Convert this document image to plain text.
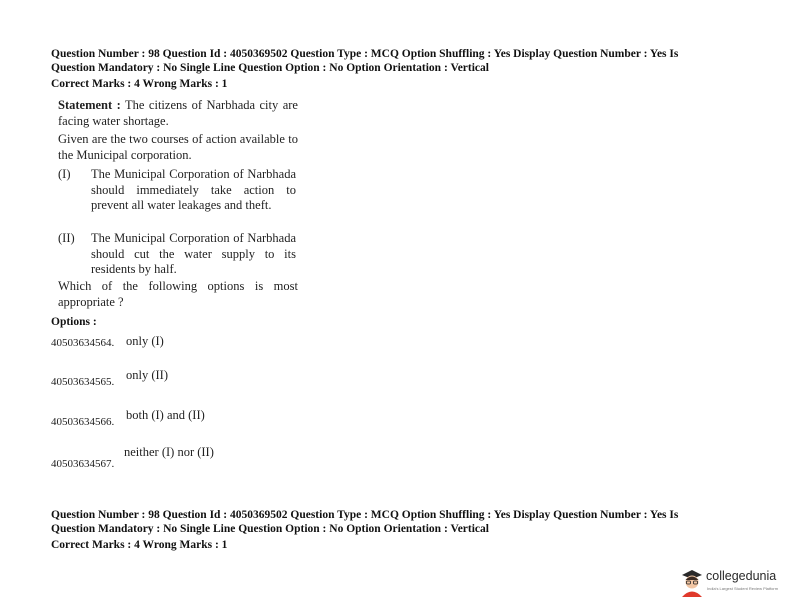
Question Number : 98 Question Id : 4050369502 Question Type : MCQ Option Shuffling : Yes Display Question Number : Yes Is
Question Mandatory : No Single Line Question Option : No Option Orientation : Vertical
Correct Marks : 4 Wrong Marks : 1
Statement : The citizens of Narbhada city are facing water shortage.
Given are the two courses of action available to the Municipal corporation.
(I) The Municipal Corporation of Narbhada should immediately take action to prevent all water leakages and theft.
(II) The Municipal Corporation of Narbhada should cut the water supply to its residents by half.
Which of the following options is most appropriate ?
Options :
40503634564. only (I)
40503634565. only (II)
40503634566. both (I) and (II)
neither (I) nor (II)
40503634567.
Question Number : 98 Question Id : 4050369502 Question Type : MCQ Option Shuffling : Yes Display Question Number : Yes Is
Question Mandatory : No Single Line Question Option : No Option Orientation : Vertical
Correct Marks : 4 Wrong Marks : 1
collegedunia
India's Largest Student Review Platform
